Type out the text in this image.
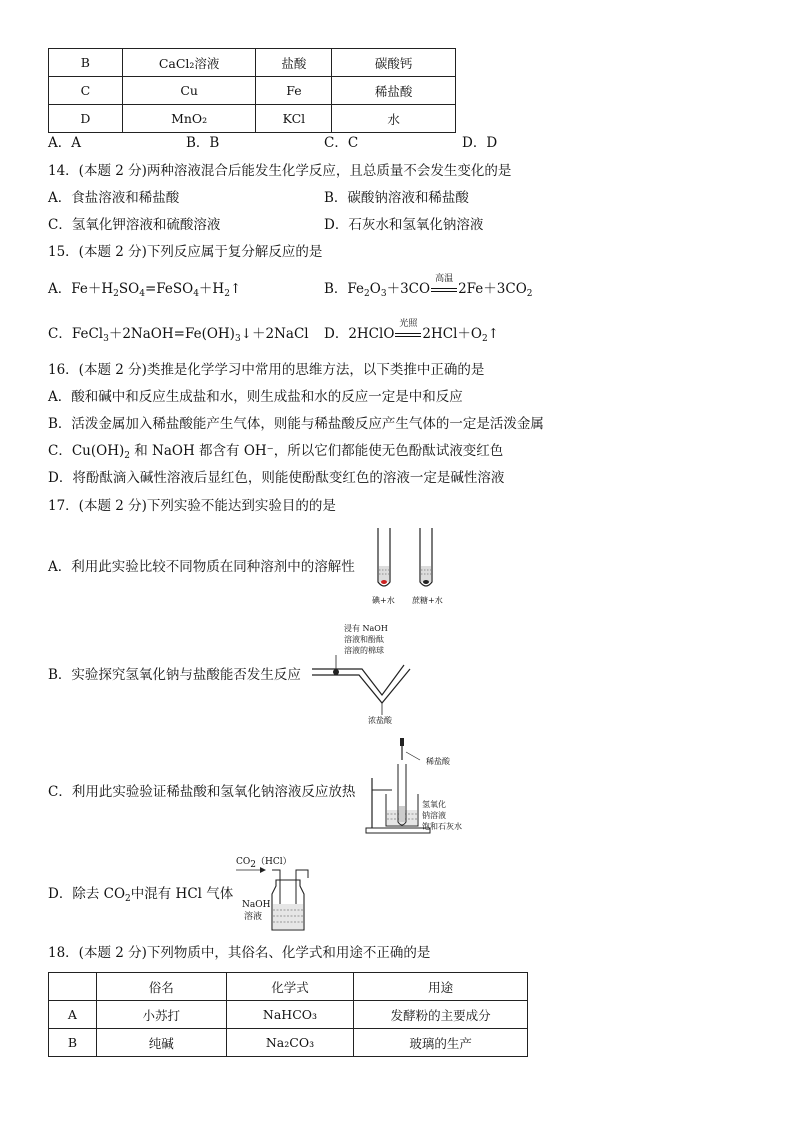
B	CaCl₂溶液	盐酸	碳酸钙
C	Cu	Fe	稀盐酸
D	MnO₂	KCl	水
A．A	B．B	C．C	D．D
14．(本题 2 分)两种溶液混合后能发生化学反应，且总质量不会发生变化的是
A．食盐溶液和稀盐酸	B．碳酸钠溶液和稀盐酸
C．氢氧化钾溶液和硫酸溶液	D．石灰水和氢氧化钠溶液
15．(本题 2 分)下列反应属于复分解反应的是
A．$Fe+H_2SO_4=FeSO_4+H_2↑$	B．$Fe_2O_3+3CO$
高温
$2Fe+3CO_2$
C．$FeCl_3+2NaOH=Fe(OH)_3↓+2NaCl$ D．2HClO
光照
$2HCl+O_2↑$
16．(本题 2 分)类推是化学学习中常用的思维方法，以下类推中正确的是
A．酸和碱中和反应生成盐和水，则生成盐和水的反应一定是中和反应
B．活泼金属加入稀盐酸能产生气体，则能与稀盐酸反应产生气体的一定是活泼金属
C．$Cu(OH)_2$ 和 NaOH 都含有 OH⁻，所以它们都能使无色酚酞试液变红色
D．将酚酞滴入碱性溶液后显红色，则能使酚酞变红色的溶液一定是碱性溶液
17．(本题 2 分)下列实验不能达到实验目的的是
A．利用此实验比较不同物质在同种溶剂中的溶解性
碘+水 蔗糖+水
B．实验探究氢氧化钠与盐酸能否发生反应
浸有 NaOH
溶液和酚酞
溶液的棉球
浓盐酸
C．利用此实验验证稀盐酸和氢氧化钠溶液反应放热
稀盐酸
氢氧化
钠溶液
饱和石灰水
D．除去 $CO_2$中混有 HCl 气体
$CO_2(HCl)$
NaOH
溶液
18．(本题 2 分)下列物质中，其俗名、化学式和用途不正确的是
	俗名	化学式	用途
A	小苏打	NaHCO₃	发酵粉的主要成分
B	纯碱	Na₂CO₃	玻璃的生产
